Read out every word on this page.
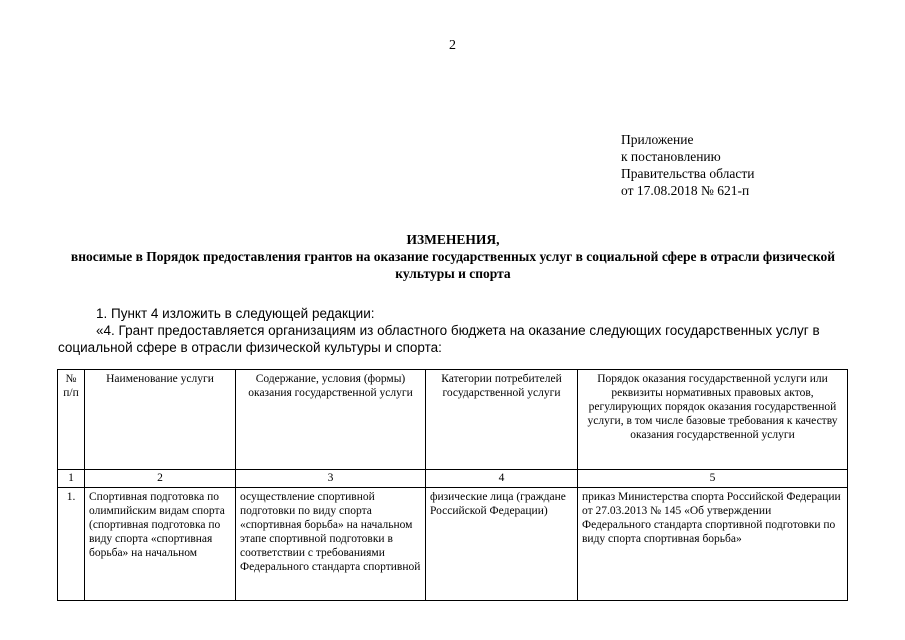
2
Приложение
к постановлению
Правительства области
от 17.08.2018 № 621-п
ИЗМЕНЕНИЯ,
вносимые в Порядок предоставления грантов на оказание государственных услуг в социальной сфере в отрасли физической культуры и спорта
1. Пункт 4 изложить в следующей редакции:
«4. Грант предоставляется организациям из областного бюджета на оказание следующих государственных услуг в социальной сфере в отрасли физической культуры и спорта:
№ п/п	Наименование услуги	Содержание, условия (формы) оказания государственной услуги	Категории потребителей государственной услуги	Порядок оказания государственной услуги или реквизиты нормативных правовых актов, регулирующих порядок оказания государственной услуги, в том числе базовые требования к качеству оказания государственной услуги
1	2	3	4	5
1.	Спортивная подготовка по олимпийским видам спорта (спортивная подготовка по виду спорта «спортивная борьба» на начальном	осуществление спортивной подготовки по виду спорта «спортивная борьба» на начальном этапе спортивной подготовки в соответствии с требованиями Федерального стандарта спортивной	физические лица (граждане Российской Федерации)	приказ Министерства спорта Российской Федерации от 27.03.2013 № 145 «Об утверждении Федерального стандарта спортивной подготовки по виду спорта спортивная борьба»
